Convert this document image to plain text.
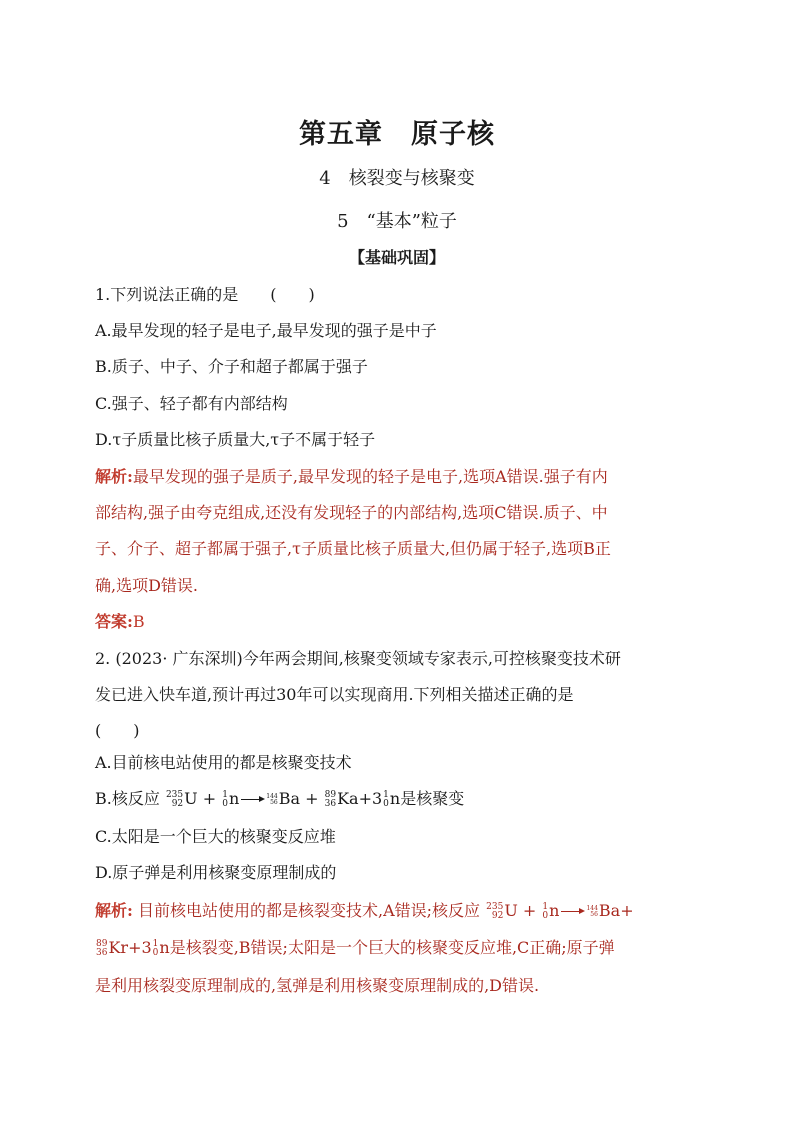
第五章　原子核
4　核裂变与核聚变
5　“基本”粒子
【基础巩固】
1.下列说法正确的是　　(　　)
A.最早发现的轻子是电子,最早发现的强子是中子
B.质子、中子、介子和超子都属于强子
C.强子、轻子都有内部结构
D.τ子质量比核子质量大,τ子不属于轻子
解析:最早发现的强子是质子,最早发现的轻子是电子,选项A错误.强子有内
部结构,强子由夸克组成,还没有发现轻子的内部结构,选项C错误.质子、中
子、介子、超子都属于强子,τ子质量比核子质量大,但仍属于轻子,选项B正
确,选项D错误.
答案:B
2. (2023· 广东深圳)今年两会期间,核聚变领域专家表示,可控核聚变技术研
发已进入快车道,预计再过30年可以实现商用.下列相关描述正确的是
(　　)
A.目前核电站使用的都是核聚变技术
B.核反应 235
92 U + 1
0 n → 144
56 Ba + 89
36 Ka+3 1
0 n是核聚变
C.太阳是一个巨大的核聚变反应堆
D.原子弹是利用核聚变原理制成的
解析: 目前核电站使用的都是核裂变技术,A错误;核反应 235
92 U + 1
0 n	144
56 Ba+
89
36 Kr+3 1
0 n是核裂变,B错误;太阳是一个巨大的核聚变反应堆,C正确;原子弹
是利用核裂变原理制成的,氢弹是利用核聚变原理制成的,D错误.
